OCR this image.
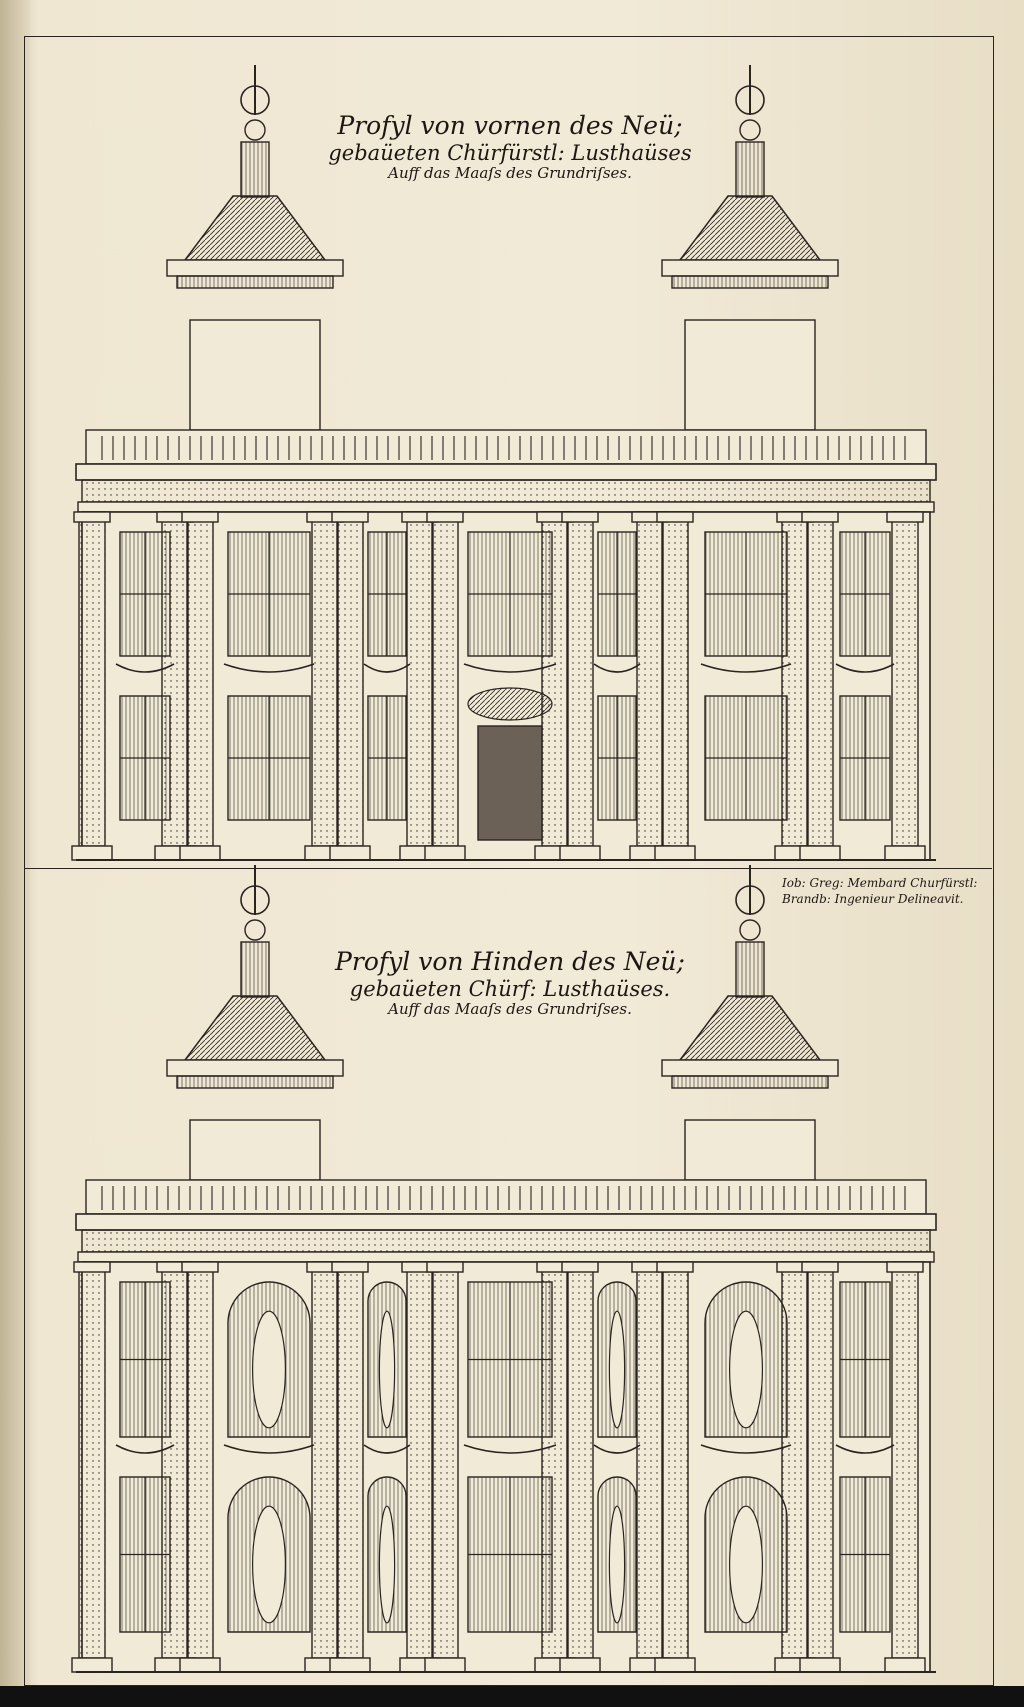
Profyl von vornen des Neü;
gebaüeten Chürfürstl: Lusthaüses
Auff das Maaſs des Grundriſses.
Profyl von Hinden des Neü;
gebaüeten Chürf: Lusthaüses.
Auff das Maaſs des Grundriſses.
Iob: Greg: Membard Churfürstl:
Brandb: Ingenieur Delineavit.
